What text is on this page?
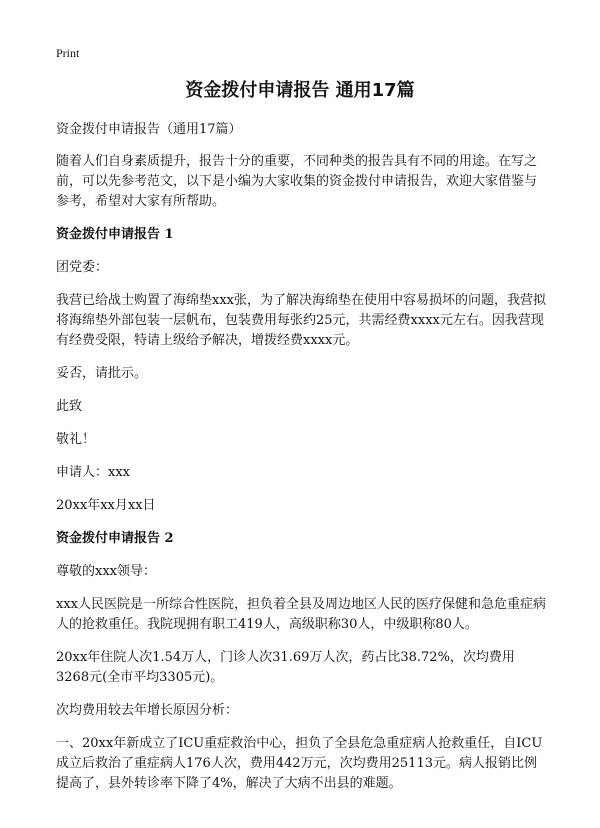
Print
资金拨付申请报告 通用17篇

资金拨付申请报告（通用17篇）

随着人们自身素质提升，报告十分的重要，不同种类的报告具有不同的用途。在写之前，可以先参考范文，以下是小编为大家收集的资金拨付申请报告，欢迎大家借鉴与参考，希望对大家有所帮助。

资金拨付申请报告 1

团党委：

我营已给战士购置了海绵垫xxx张，为了解决海绵垫在使用中容易损坏的问题，我营拟将海绵垫外部包装一层帆布，包装费用每张约25元，共需经费xxxx元左右。因我营现有经费受限，特请上级给予解决，增拨经费xxxx元。

妥否，请批示。

此致

敬礼！

申请人：xxx

20xx年xx月xx日

资金拨付申请报告 2

尊敬的xxx领导：

xxx人民医院是一所综合性医院，担负着全县及周边地区人民的医疗保健和急危重症病人的抢救重任。我院现拥有职工419人，高级职称30人，中级职称80人。

20xx年住院人次1.54万人，门诊人次31.69万人次，药占比38.72%，次均费用3268元(全市平均3305元)。

次均费用较去年增长原因分析：

一、20xx年新成立了ICU重症救治中心，担负了全县危急重症病人抢救重任，自ICU成立后救治了重症病人176人次，费用442万元，次均费用25113元。病人报销比例提高了，县外转诊率下降了4%，解决了大病不出县的难题。
